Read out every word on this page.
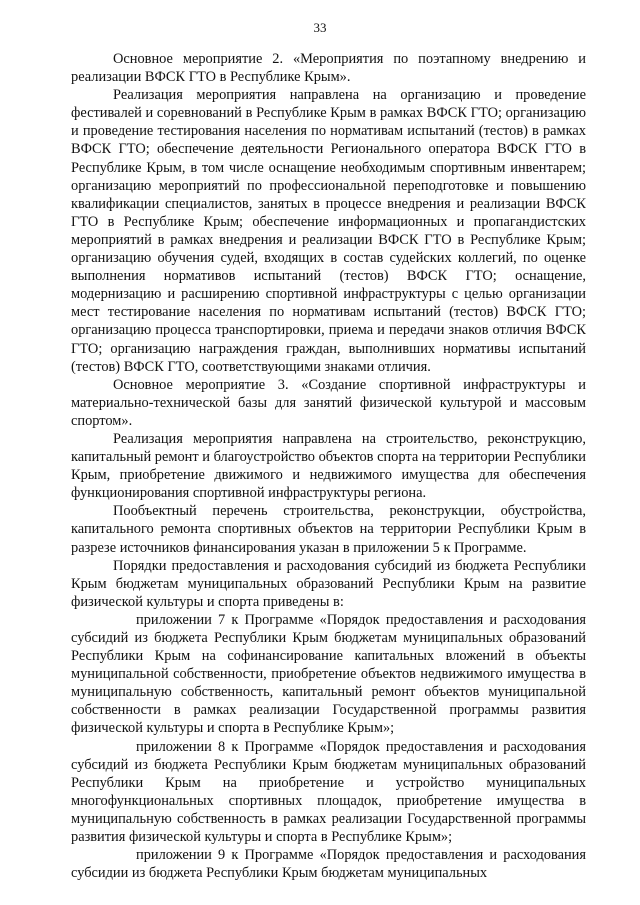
33

Основное мероприятие 2. «Мероприятия по поэтапному внедрению и реализации ВФСК ГТО в Республике Крым».

Реализация мероприятия направлена на организацию и проведение фестивалей и соревнований в Республике Крым в рамках ВФСК ГТО; организацию и проведение тестирования населения по нормативам испытаний (тестов) в рамках ВФСК ГТО; обеспечение деятельности Регионального оператора ВФСК ГТО в Республике Крым, в том числе оснащение необходимым спортивным инвентарем; организацию мероприятий по профессиональной переподготовке и повышению квалификации специалистов, занятых в процессе внедрения и реализации ВФСК ГТО в Республике Крым; обеспечение информационных и пропагандистских мероприятий в рамках внедрения и реализации ВФСК ГТО в Республике Крым; организацию обучения судей, входящих в состав судейских коллегий, по оценке выполнения нормативов испытаний (тестов) ВФСК ГТО; оснащение, модернизацию и расширению спортивной инфраструктуры с целью организации мест тестирование населения по нормативам испытаний (тестов) ВФСК ГТО; организацию процесса транспортировки, приема и передачи знаков отличия ВФСК ГТО; организацию награждения граждан, выполнивших нормативы испытаний (тестов) ВФСК ГТО, соответствующими знаками отличия.

Основное мероприятие 3. «Создание спортивной инфраструктуры и материально-технической базы для занятий физической культурой и массовым спортом».

Реализация мероприятия направлена на строительство, реконструкцию, капитальный ремонт и благоустройство объектов спорта на территории Республики Крым, приобретение движимого и недвижимого имущества для обеспечения функционирования спортивной инфраструктуры региона.

Пообъектный перечень строительства, реконструкции, обустройства, капитального ремонта спортивных объектов на территории Республики Крым в разрезе источников финансирования указан в приложении 5 к Программе.

Порядки предоставления и расходования субсидий из бюджета Республики Крым бюджетам муниципальных образований Республики Крым на развитие физической культуры и спорта приведены в:

приложении 7 к Программе «Порядок предоставления и расходования субсидий из бюджета Республики Крым бюджетам муниципальных образований Республики Крым на софинансирование капитальных вложений в объекты муниципальной собственности, приобретение объектов недвижимого имущества в муниципальную собственность, капитальный ремонт объектов муниципальной собственности в рамках реализации Государственной программы развития физической культуры и спорта в Республике Крым»;

приложении 8 к Программе «Порядок предоставления и расходования субсидий из бюджета Республики Крым бюджетам муниципальных образований Республики Крым на приобретение и устройство муниципальных многофункциональных спортивных площадок, приобретение имущества в муниципальную собственность в рамках реализации Государственной программы развития физической культуры и спорта в Республике Крым»;

приложении 9 к Программе «Порядок предоставления и расходования субсидии из бюджета Республики Крым бюджетам муниципальных
